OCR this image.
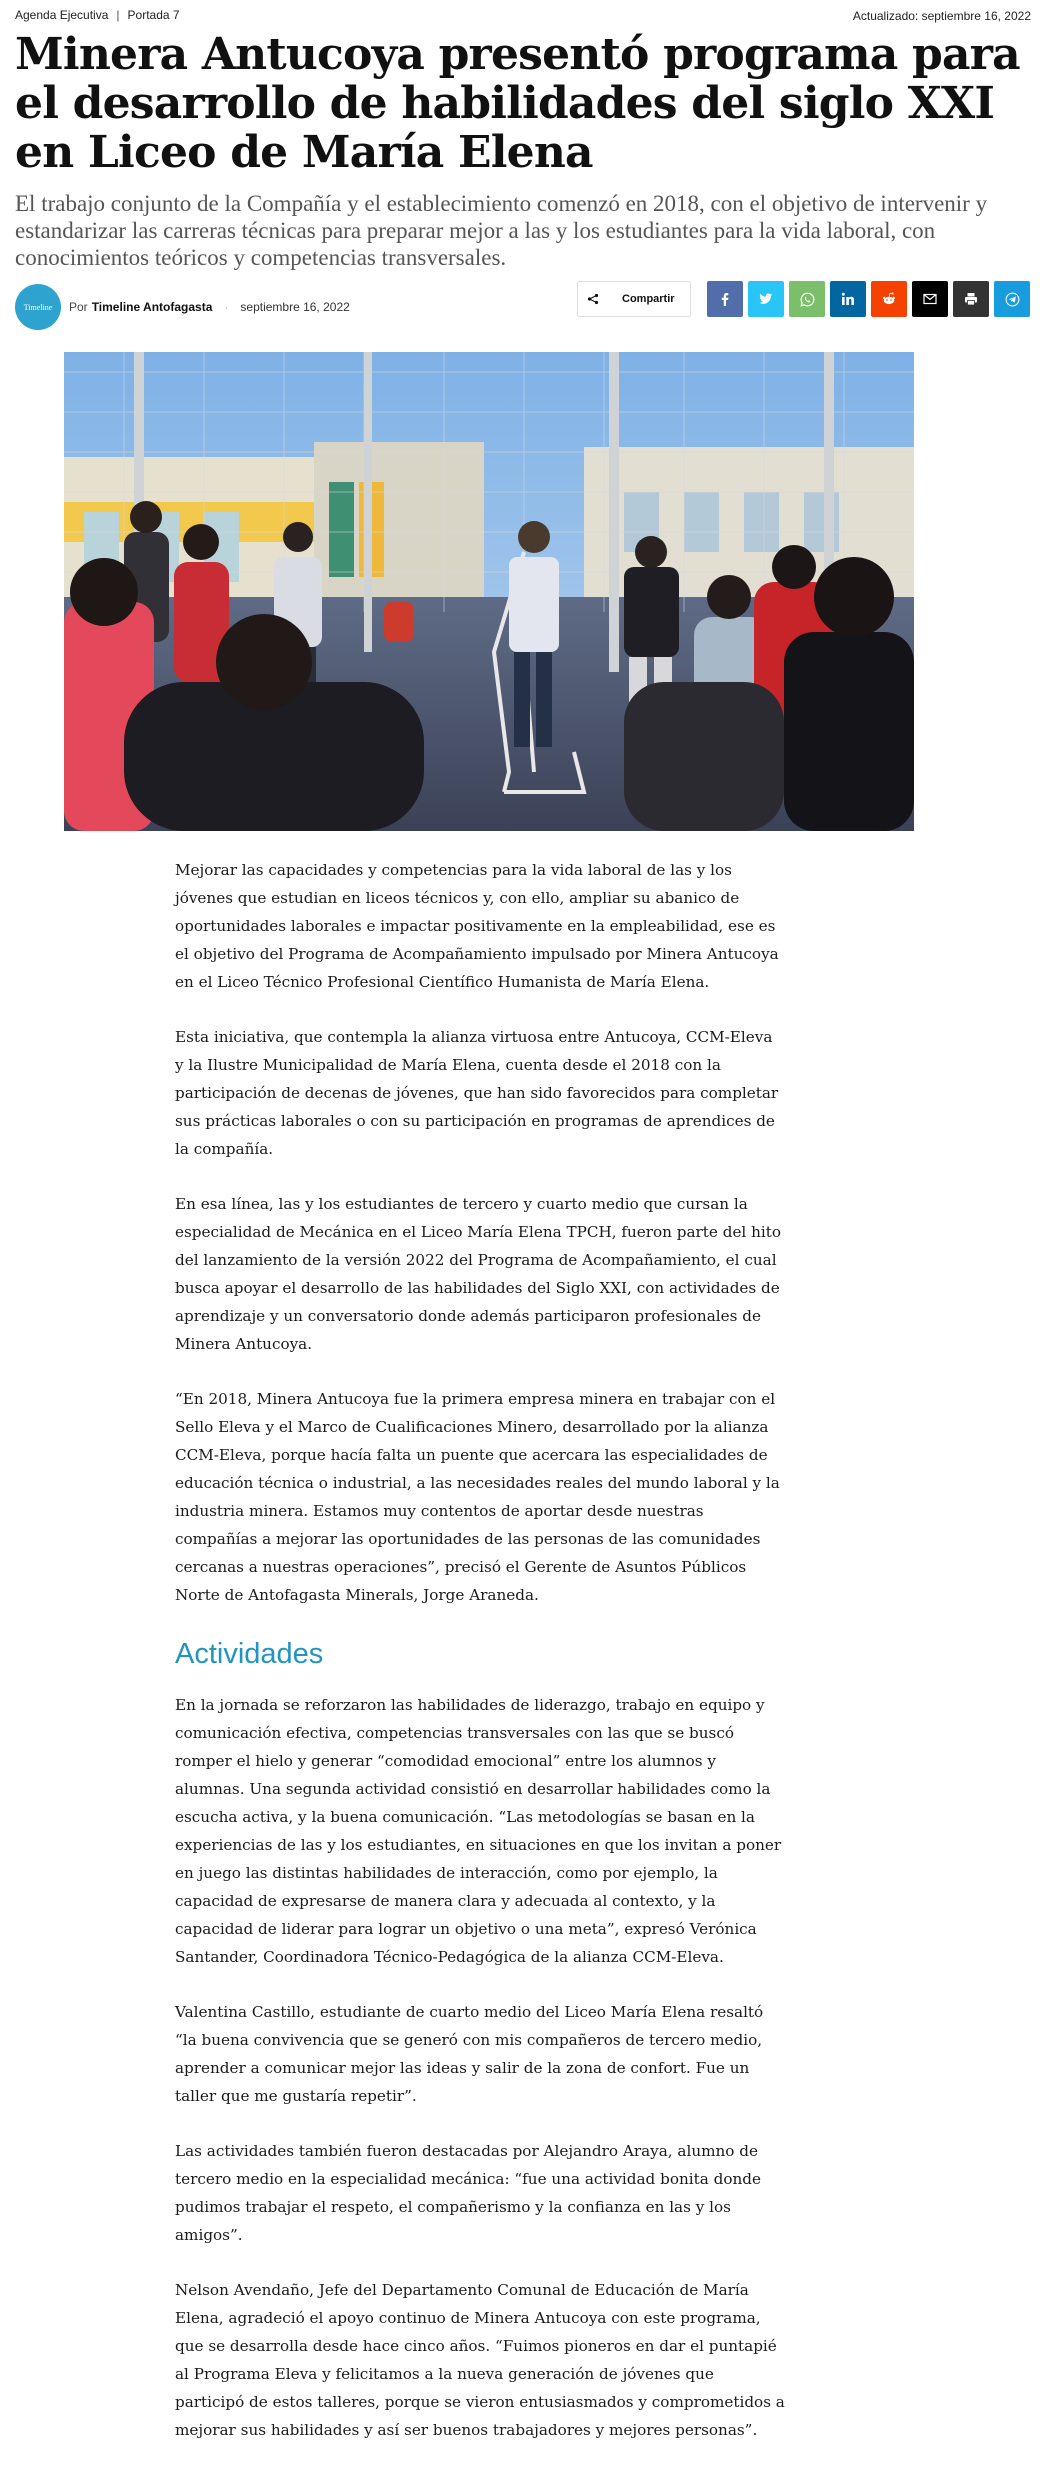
Agenda Ejecutiva | Portada 7	Actualizado: septiembre 16, 2022
Minera Antucoya presentó programa para el desarrollo de habilidades del siglo XXI en Liceo de María Elena

El trabajo conjunto de la Compañía y el establecimiento comenzó en 2018, con el objetivo de intervenir y estandarizar las carreras técnicas para preparar mejor a las y los estudiantes para la vida laboral, con conocimientos teóricos y competencias transversales.

Timeline	Por Timeline Antofagasta · septiembre 16, 2022
Compartir

Mejorar las capacidades y competencias para la vida laboral de las y los jóvenes que estudian en liceos técnicos y, con ello, ampliar su abanico de oportunidades laborales e impactar positivamente en la empleabilidad, ese es el objetivo del Programa de Acompañamiento impulsado por Minera Antucoya en el Liceo Técnico Profesional Científico Humanista de María Elena.

Esta iniciativa, que contempla la alianza virtuosa entre Antucoya, CCM-Eleva y la Ilustre Municipalidad de María Elena, cuenta desde el 2018 con la participación de decenas de jóvenes, que han sido favorecidos para completar sus prácticas laborales o con su participación en programas de aprendices de la compañía.

En esa línea, las y los estudiantes de tercero y cuarto medio que cursan la especialidad de Mecánica en el Liceo María Elena TPCH, fueron parte del hito del lanzamiento de la versión 2022 del Programa de Acompañamiento, el cual busca apoyar el desarrollo de las habilidades del Siglo XXI, con actividades de aprendizaje y un conversatorio donde además participaron profesionales de Minera Antucoya.

“En 2018, Minera Antucoya fue la primera empresa minera en trabajar con el Sello Eleva y el Marco de Cualificaciones Minero, desarrollado por la alianza CCM-Eleva, porque hacía falta un puente que acercara las especialidades de educación técnica o industrial, a las necesidades reales del mundo laboral y la industria minera. Estamos muy contentos de aportar desde nuestras compañías a mejorar las oportunidades de las personas de las comunidades cercanas a nuestras operaciones”, precisó el Gerente de Asuntos Públicos Norte de Antofagasta Minerals, Jorge Araneda.

Actividades

En la jornada se reforzaron las habilidades de liderazgo, trabajo en equipo y comunicación efectiva, competencias transversales con las que se buscó romper el hielo y generar “comodidad emocional” entre los alumnos y alumnas. Una segunda actividad consistió en desarrollar habilidades como la escucha activa, y la buena comunicación. “Las metodologías se basan en la experiencias de las y los estudiantes, en situaciones en que los invitan a poner en juego las distintas habilidades de interacción, como por ejemplo, la capacidad de expresarse de manera clara y adecuada al contexto, y la capacidad de liderar para lograr un objetivo o una meta”, expresó Verónica Santander, Coordinadora Técnico-Pedagógica de la alianza CCM-Eleva.

Valentina Castillo, estudiante de cuarto medio del Liceo María Elena resaltó “la buena convivencia que se generó con mis compañeros de tercero medio, aprender a comunicar mejor las ideas y salir de la zona de confort. Fue un taller que me gustaría repetir”.

Las actividades también fueron destacadas por Alejandro Araya, alumno de tercero medio en la especialidad mecánica: “fue una actividad bonita donde pudimos trabajar el respeto, el compañerismo y la confianza en las y los amigos”.

Nelson Avendaño, Jefe del Departamento Comunal de Educación de María Elena, agradeció el apoyo continuo de Minera Antucoya con este programa, que se desarrolla desde hace cinco años. “Fuimos pioneros en dar el puntapié al Programa Eleva y felicitamos a la nueva generación de jóvenes que participó de estos talleres, porque se vieron entusiasmados y comprometidos a mejorar sus habilidades y así ser buenos trabajadores y mejores personas”.
